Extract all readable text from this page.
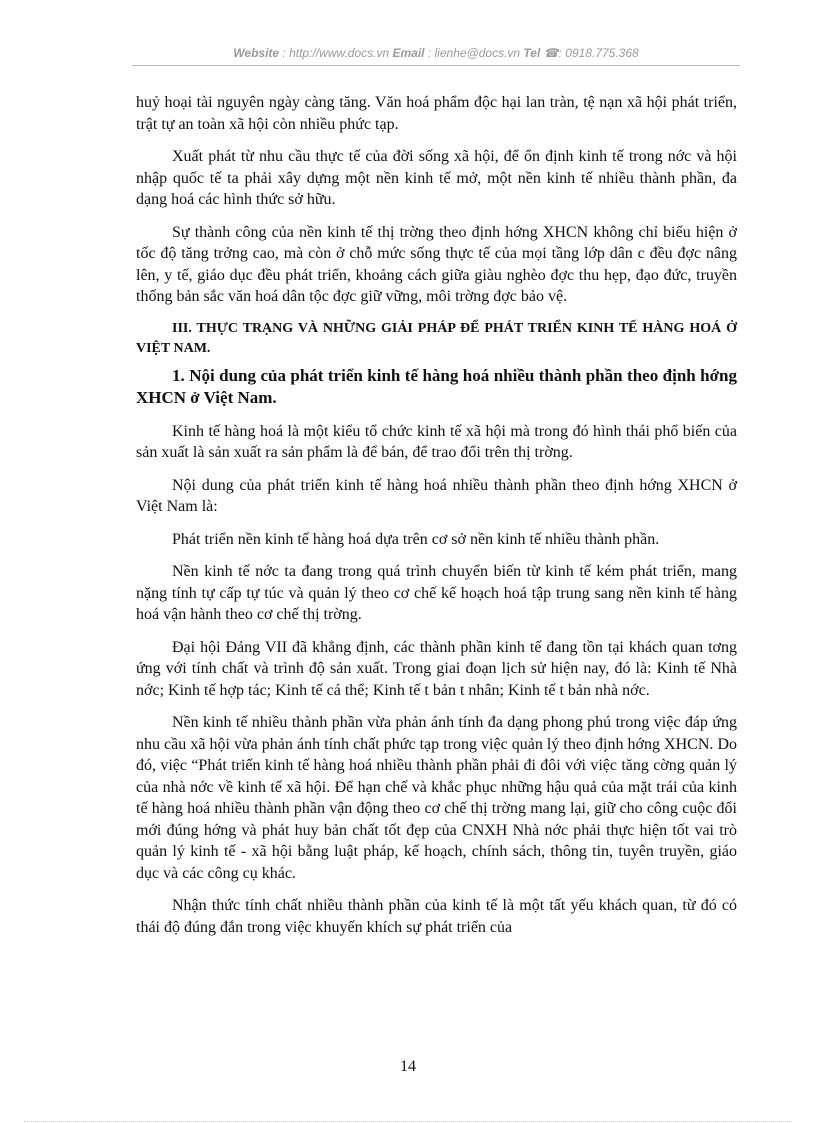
Website : http://www.docs.vn Email : lienhe@docs.vn Tel ☎: 0918.775.368

huỷ hoại tài nguyên ngày càng tăng. Văn hoá phẩm độc hại lan tràn, tệ nạn xã hội phát triển, trật tự an toàn xã hội còn nhiều phức tạp.

Xuất phát từ nhu cầu thực tế của đời sống xã hội, để ổn định kinh tế trong nớc và hội nhập quốc tế ta phải xây dựng một nền kinh tế mở, một nền kinh tế nhiều thành phần, đa dạng hoá các hình thức sở hữu.

Sự thành công của nền kinh tế thị trờng theo định hớng XHCN không chỉ biểu hiện ở tốc độ tăng trởng cao, mà còn ở chỗ mức sống thực tế của mọi tầng lớp dân c đều đợc nâng lên, y tế, giáo dục đều phát triển, khoảng cách giữa giàu nghèo đợc thu hẹp, đạo đức, truyền thống bản sắc văn hoá dân tộc đợc giữ vững, môi trờng đợc bảo vệ.

III. THỰC TRẠNG VÀ NHỮNG GIẢI PHÁP ĐỂ PHÁT TRIỂN KINH TẾ HÀNG HOÁ Ở VIỆT NAM.
1. Nội dung của phát triển kinh tế hàng hoá nhiều thành phần theo định hớng XHCN ở Việt Nam.

Kinh tế hàng hoá là một kiểu tổ chức kinh tế xã hội mà trong đó hình thái phổ biến của sản xuất là sản xuất ra sản phẩm là để bán, để trao đổi trên thị trờng.

Nội dung của phát triển kinh tế hàng hoá nhiều thành phần theo định hớng XHCN ở Việt Nam là:

Phát triển nền kinh tế hàng hoá dựa trên cơ sở nền kinh tế nhiều thành phần.

Nền kinh tế nớc ta đang trong quá trình chuyển biến từ kinh tế kém phát triển, mang nặng tính tự cấp tự túc và quản lý theo cơ chế kế hoạch hoá tập trung sang nền kinh tế hàng hoá vận hành theo cơ chế thị trờng.

Đại hội Đảng VII đã khẳng định, các thành phần kinh tế đang tồn tại khách quan tơng ứng với tính chất và trình độ sản xuất. Trong giai đoạn lịch sử hiện nay, đó là: Kinh tế Nhà nớc; Kinh tế hợp tác; Kinh tế cá thể; Kinh tế t bản t nhân; Kinh tế t bản nhà nớc.

Nền kinh tế nhiều thành phần vừa phản ánh tính đa dạng phong phú trong việc đáp ứng nhu cầu xã hội vừa phản ánh tính chất phức tạp trong việc quản lý theo định hớng XHCN. Do đó, việc “Phát triển kinh tế hàng hoá nhiều thành phần phải đi đôi với việc tăng cờng quản lý của nhà nớc về kinh tế xã hội. Để hạn chế và khắc phục những hậu quả của mặt trái của kinh tế hàng hoá nhiều thành phần vận động theo cơ chế thị trờng mang lại, giữ cho công cuộc đổi mới đúng hớng và phát huy bản chất tốt đẹp của CNXH Nhà nớc phải thực hiện tốt vai trò quản lý kinh tế - xã hội bằng luật pháp, kế hoạch, chính sách, thông tin, tuyên truyền, giáo dục và các công cụ khác.

Nhận thức tính chất nhiều thành phần của kinh tế là một tất yếu khách quan, từ đó có thái độ đúng đắn trong việc khuyến khích sự phát triển của

14
